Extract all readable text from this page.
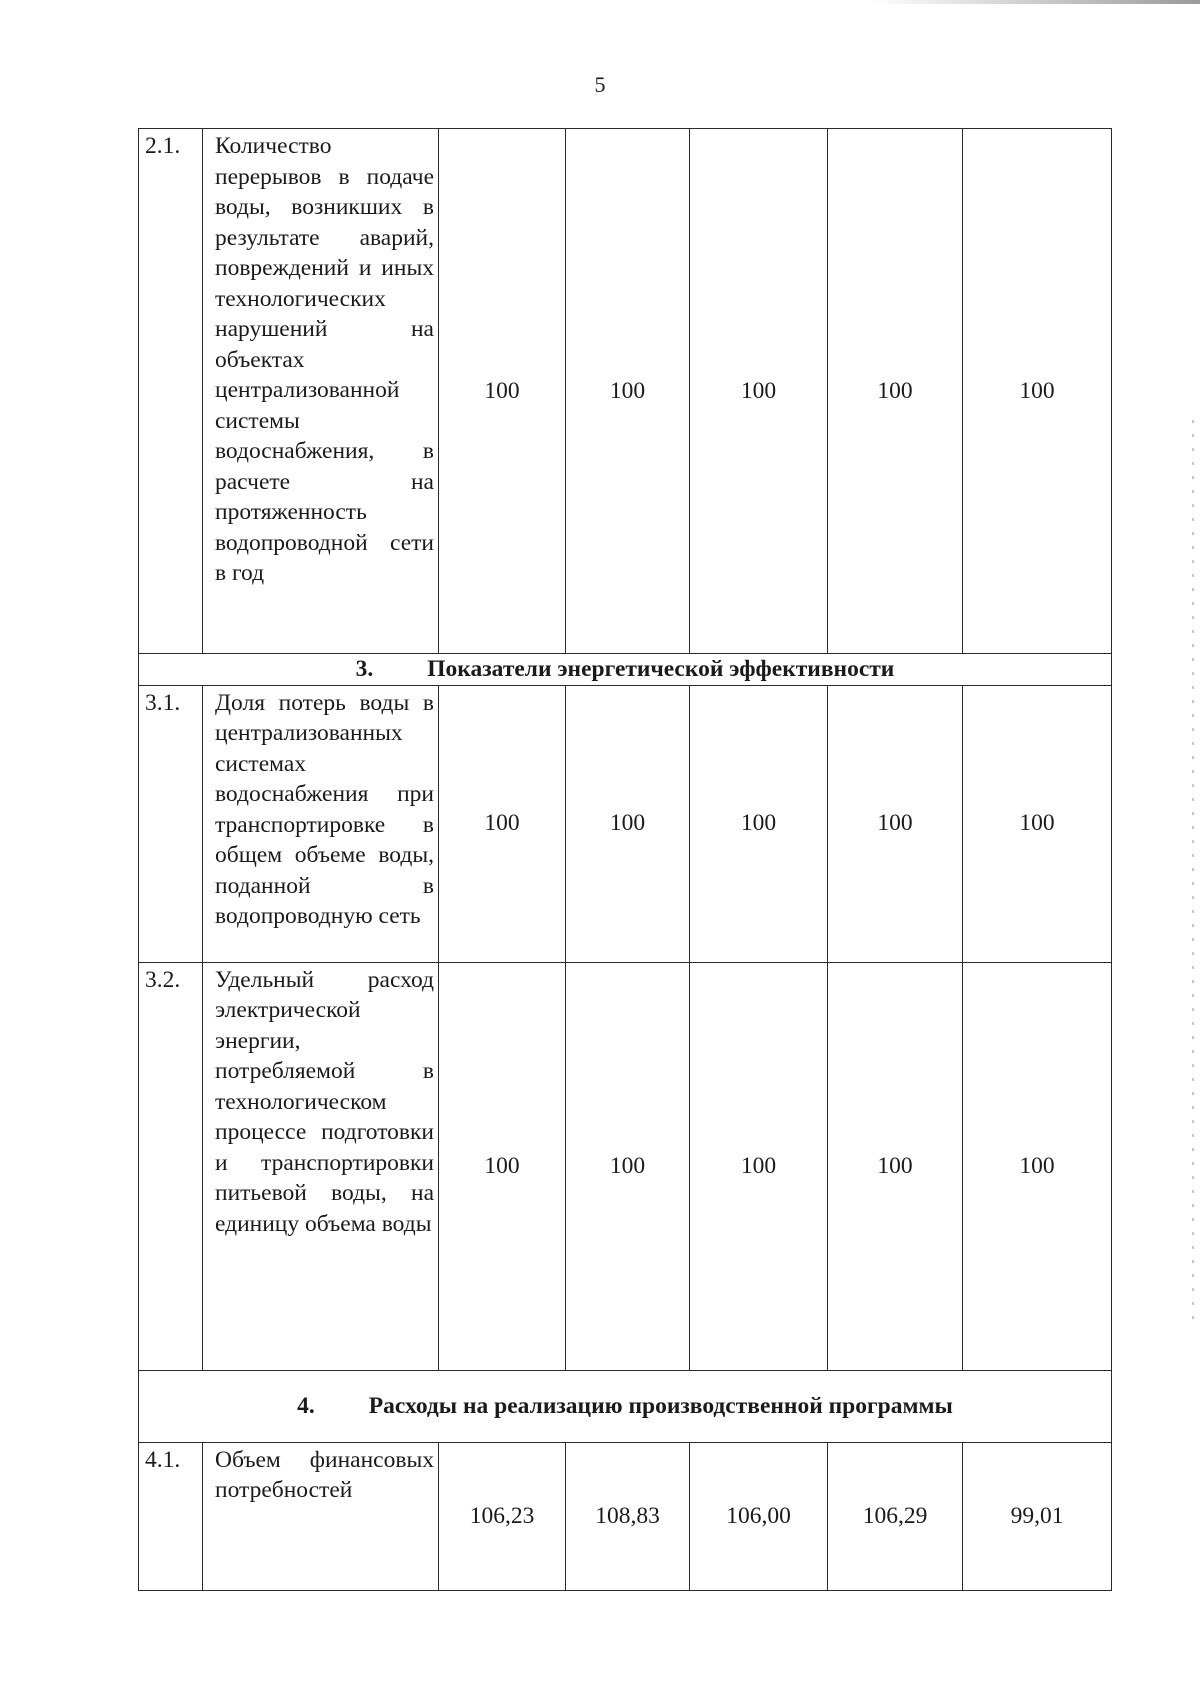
5
2.1.	Количество перерывов в подаче воды, возникших в результате аварий, повреждений и иных технологических нарушений на объектах централизованной системы водоснабжения, в расчете на протяженность водопроводной сети в год	100	100	100	100	100
3. Показатели энергетической эффективности						
3.1.	Доля потерь воды в централизованных системах водоснабжения при транспортировке в общем объеме воды, поданной в водопроводную сеть	100	100	100	100	100
3.2.	Удельный расход электрической энергии, потребляемой в технологическом процессе подготовки и транспортировки питьевой воды, на единицу объема воды	100	100	100	100	100
4. Расходы на реализацию производственной программы						
4.1.	Объем финансовых потребностей	106,23	108,83	106,00	106,29	99,01
